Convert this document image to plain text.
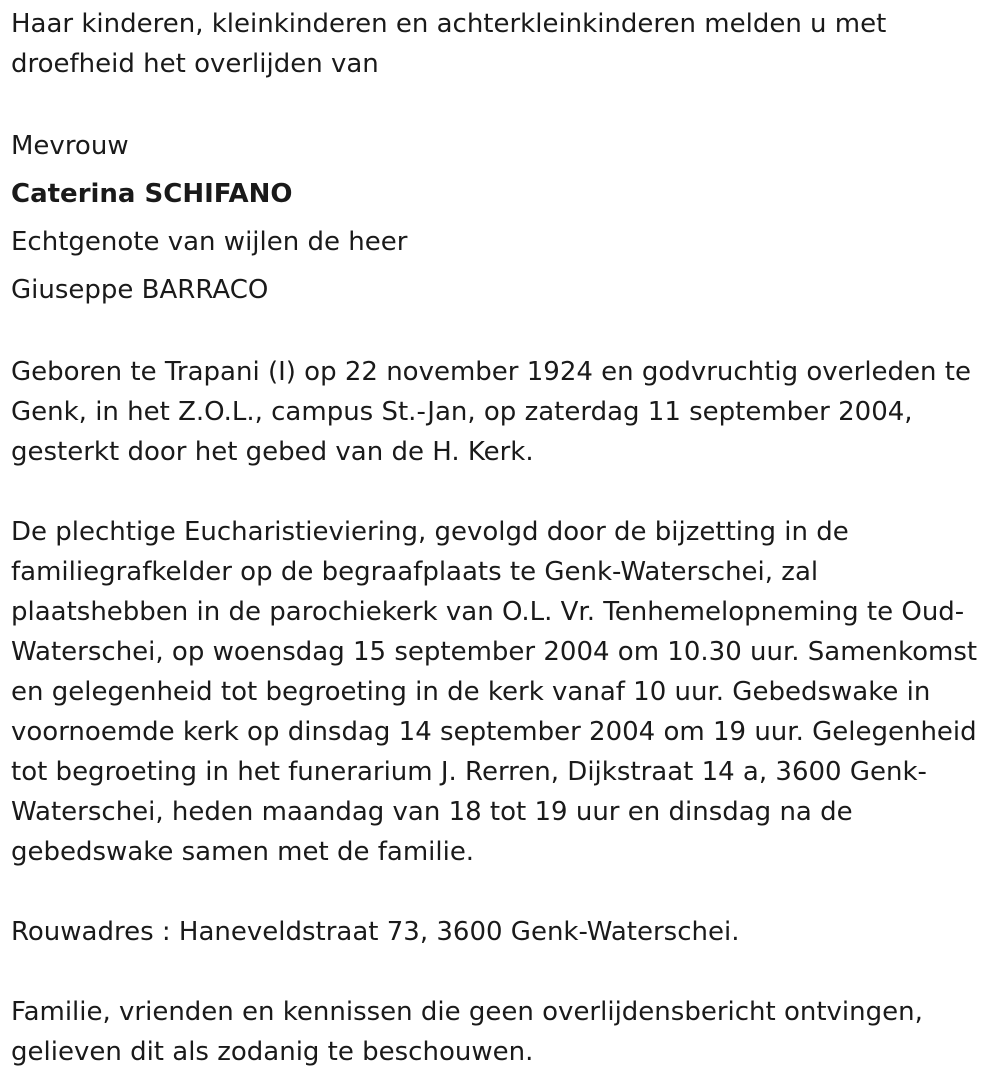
Haar kinderen, kleinkinderen en achterkleinkinderen melden u met droefheid het overlijden van

Mevrouw
Caterina SCHIFANO
Echtgenote van wijlen de heer
Giuseppe BARRACO

Geboren te Trapani (I) op 22 november 1924 en godvruchtig overleden te Genk, in het Z.O.L., campus St.-Jan, op zaterdag 11 september 2004, gesterkt door het gebed van de H. Kerk.

De plechtige Eucharistieviering, gevolgd door de bijzetting in de familiegrafkelder op de begraafplaats te Genk-Waterschei, zal plaatshebben in de parochiekerk van O.L. Vr. Tenhemelopneming te Oud-Waterschei, op woensdag 15 september 2004 om 10.30 uur. Samenkomst en gelegenheid tot begroeting in de kerk vanaf 10 uur. Gebedswake in voornoemde kerk op dinsdag 14 september 2004 om 19 uur. Gelegenheid tot begroeting in het funerarium J. Rerren, Dijkstraat 14 a, 3600 Genk-Waterschei, heden maandag van 18 tot 19 uur en dinsdag na de gebedswake samen met de familie.

Rouwadres : Haneveldstraat 73, 3600 Genk-Waterschei.

Familie, vrienden en kennissen die geen overlijdensbericht ontvingen, gelieven dit als zodanig te beschouwen.
